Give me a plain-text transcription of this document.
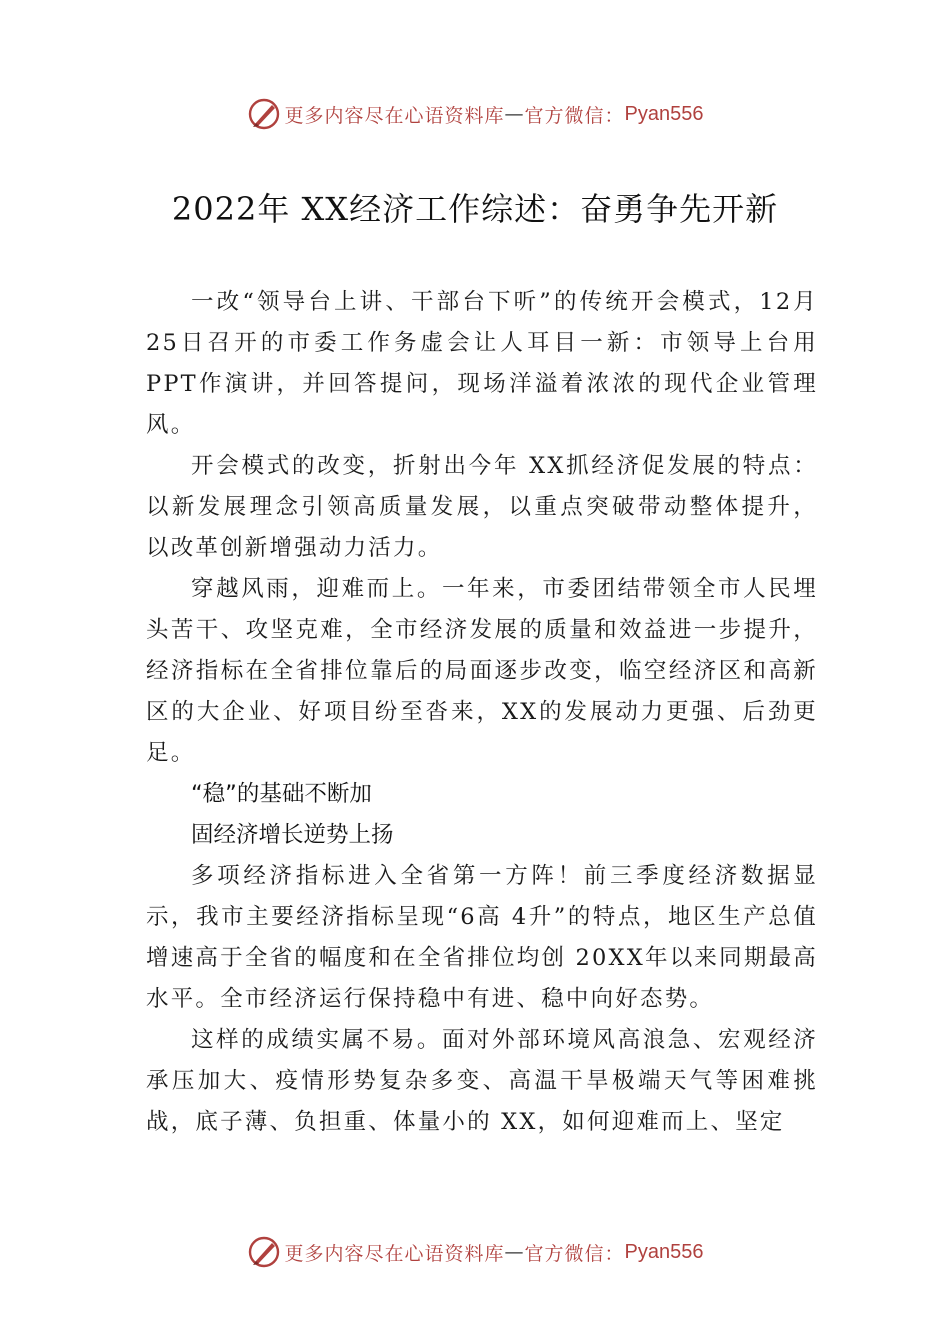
更多内容尽在心语资料库 — 官方微信： Pyan556
2022年 XX经济工作综述：奋勇争先开新

一改“领导台上讲、干部台下听”的传统开会模式，12月 25日召开的市委工作务虚会让人耳目一新：市领导上台用 PPT作演讲，并回答提问，现场洋溢着浓浓的现代企业管理风。

开会模式的改变，折射出今年 XX抓经济促发展的特点：以新发展理念引领高质量发展，以重点突破带动整体提升， 以改革创新增强动力活力。

穿越风雨，迎难而上。一年来，市委团结带领全市人民埋头苦干、攻坚克难，全市经济发展的质量和效益进一步提升，经济指标在全省排位靠后的局面逐步改变，临空经济区和高新区的大企业、好项目纷至沓来，XX的发展动力更强、后劲更足。

“稳”的基础不断加

固经济增长逆势上扬

多项经济指标进入全省第一方阵！前三季度经济数据显示，我市主要经济指标呈现“6高 4升”的特点，地区生产总值增速高于全省的幅度和在全省排位均创 20XX年以来同期最高水平。全市经济运行保持稳中有进、稳中向好态势。

这样的成绩实属不易。面对外部环境风高浪急、宏观经济承压加大、疫情形势复杂多变、高温干旱极端天气等困难挑战，底子薄、负担重、体量小的 XX，如何迎难而上、坚定

更多内容尽在心语资料库 — 官方微信： Pyan556
